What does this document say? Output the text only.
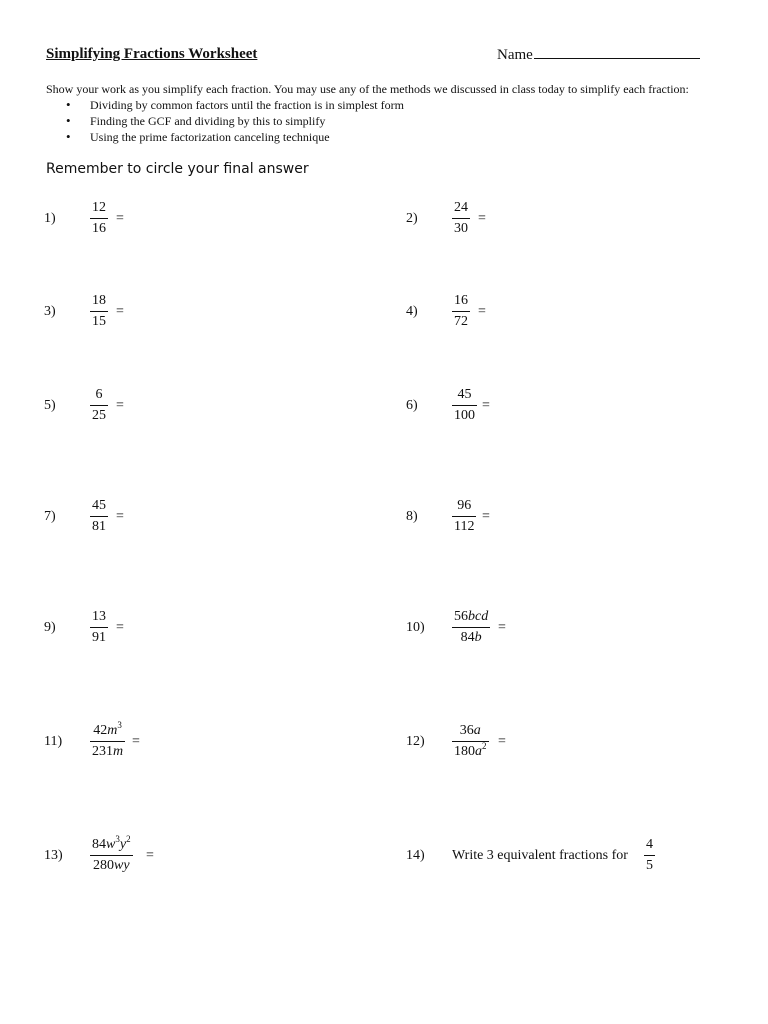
Simplifying Fractions Worksheet	Name
Show your work as you simplify each fraction. You may use any of the methods we discussed in class today to simplify each fraction:
• Dividing by common factors until the fraction is in simplest form
• Finding the GCF and dividing by this to simplify
• Using the prime factorization canceling technique
Remember to circle your final answer
1)
12
16
=	2)
24
30
=
3)
18
15
=	4)
16
72
=
5)
6
25
=	6)
45
100
=
7)
45
81
=	8)
96
112
=
9)
13
91
=	10)
56bcd
84b
=
11)
$42m^3$
231m
=	12)
36a
$180a^2$ =
13)
$84w^3y^2$
280wy
=	14) Write 3 equivalent fractions for
4
5
